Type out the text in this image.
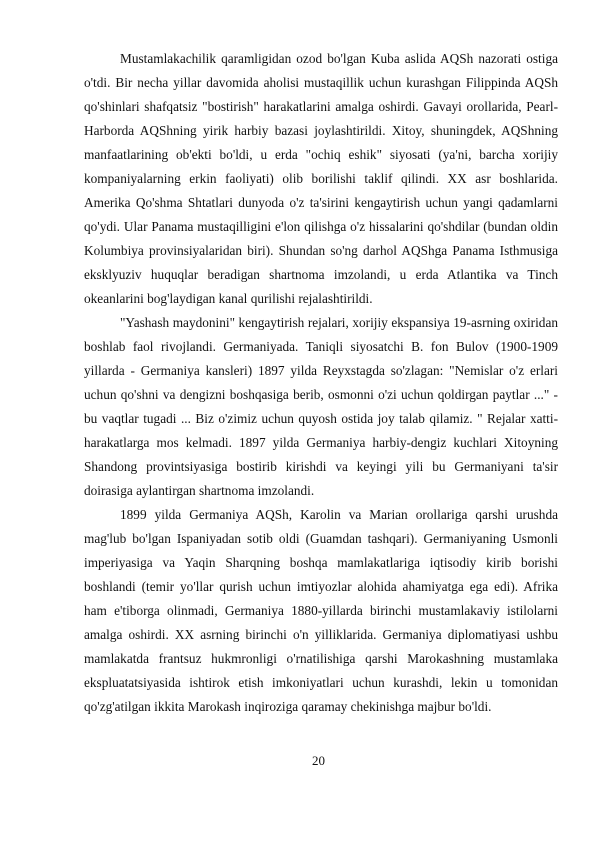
Mustamlakachilik qaramligidan ozod bo'lgan Kuba aslida AQSh nazorati ostiga o'tdi. Bir necha yillar davomida aholisi mustaqillik uchun kurashgan Filippinda AQSh qo'shinlari shafqatsiz "bostirish" harakatlarini amalga oshirdi. Gavayi orollarida, Pearl-Harborda AQShning yirik harbiy bazasi joylashtirildi. Xitoy, shuningdek, AQShning manfaatlarining ob'ekti bo'ldi, u erda "ochiq eshik" siyosati (ya'ni, barcha xorijiy kompaniyalarning erkin faoliyati) olib borilishi taklif qilindi. XX asr boshlarida. Amerika Qo'shma Shtatlari dunyoda o'z ta'sirini kengaytirish uchun yangi qadamlarni qo'ydi. Ular Panama mustaqilligini e'lon qilishga o'z hissalarini qo'shdilar (bundan oldin Kolumbiya provinsiyalaridan biri). Shundan so'ng darhol AQShga Panama Isthmusiga eksklyuziv huquqlar beradigan shartnoma imzolandi, u erda Atlantika va Tinch okeanlarini bog'laydigan kanal qurilishi rejalashtirildi.

"Yashash maydonini" kengaytirish rejalari, xorijiy ekspansiya 19-asrning oxiridan boshlab faol rivojlandi. Germaniyada. Taniqli siyosatchi B. fon Bulov (1900-1909 yillarda - Germaniya kansleri) 1897 yilda Reyxstagda so'zlagan: "Nemislar o'z erlari uchun qo'shni va dengizni boshqasiga berib, osmonni o'zi uchun qoldirgan paytlar ..." - bu vaqtlar tugadi ... Biz o'zimiz uchun quyosh ostida joy talab qilamiz. " Rejalar xatti-harakatlarga mos kelmadi. 1897 yilda Germaniya harbiy-dengiz kuchlari Xitoyning Shandong provintsiyasiga bostirib kirishdi va keyingi yili bu Germaniyani ta'sir doirasiga aylantirgan shartnoma imzolandi.

1899 yilda Germaniya AQSh, Karolin va Marian orollariga qarshi urushda mag'lub bo'lgan Ispaniyadan sotib oldi (Guamdan tashqari). Germaniyaning Usmonli imperiyasiga va Yaqin Sharqning boshqa mamlakatlariga iqtisodiy kirib borishi boshlandi (temir yo'llar qurish uchun imtiyozlar alohida ahamiyatga ega edi). Afrika ham e'tiborga olinmadi, Germaniya 1880-yillarda birinchi mustamlakaviy istilolarni amalga oshirdi. XX asrning birinchi o'n yilliklarida. Germaniya diplomatiyasi ushbu mamlakatda frantsuz hukmronligi o'rnatilishiga qarshi Marokashning mustamlaka ekspluatatsiyasida ishtirok etish imkoniyatlari uchun kurashdi, lekin u tomonidan qo'zg'atilgan ikkita Marokash inqiroziga qaramay chekinishga majbur bo'ldi.

20
